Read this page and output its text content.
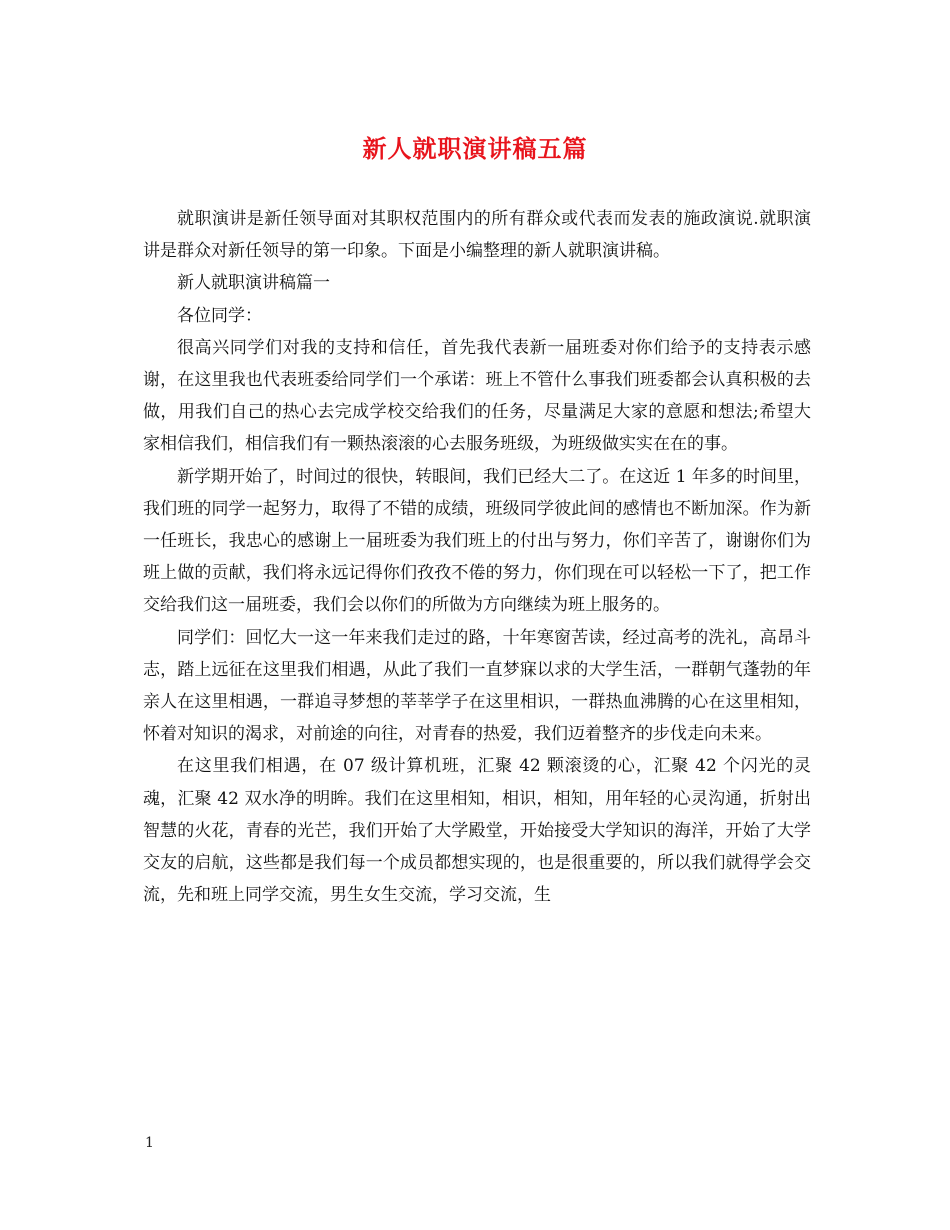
新人就职演讲稿五篇

就职演讲是新任领导面对其职权范围内的所有群众或代表而发表的施政演说.就职演讲是群众对新任领导的第一印象。下面是小编整理的新人就职演讲稿。

新人就职演讲稿篇一

各位同学：

很高兴同学们对我的支持和信任，首先我代表新一届班委对你们给予的支持表示感谢，在这里我也代表班委给同学们一个承诺：班上不管什么事我们班委都会认真积极的去做，用我们自己的热心去完成学校交给我们的任务，尽量满足大家的意愿和想法;希望大家相信我们，相信我们有一颗热滚滚的心去服务班级，为班级做实实在在的事。

新学期开始了，时间过的很快，转眼间，我们已经大二了。在这近 1 年多的时间里，我们班的同学一起努力，取得了不错的成绩，班级同学彼此间的感情也不断加深。作为新一任班长，我忠心的感谢上一届班委为我们班上的付出与努力，你们辛苦了，谢谢你们为班上做的贡献，我们将永远记得你们孜孜不倦的努力，你们现在可以轻松一下了，把工作交给我们这一届班委，我们会以你们的所做为方向继续为班上服务的。

同学们：回忆大一这一年来我们走过的路，十年寒窗苦读，经过高考的洗礼，高昂斗志，踏上远征在这里我们相遇，从此了我们一直梦寐以求的大学生活，一群朝气蓬勃的年亲人在这里相遇，一群追寻梦想的莘莘学子在这里相识，一群热血沸腾的心在这里相知，怀着对知识的渴求，对前途的向往，对青春的热爱，我们迈着整齐的步伐走向未来。

在这里我们相遇，在 07 级计算机班，汇聚 42 颗滚烫的心，汇聚 42 个闪光的灵魂，汇聚 42 双水净的明眸。我们在这里相知，相识，相知，用年轻的心灵沟通，折射出智慧的火花，青春的光芒，我们开始了大学殿堂，开始接受大学知识的海洋，开始了大学交友的启航，这些都是我们每一个成员都想实现的，也是很重要的，所以我们就得学会交流，先和班上同学交流，男生女生交流，学习交流，生

1
